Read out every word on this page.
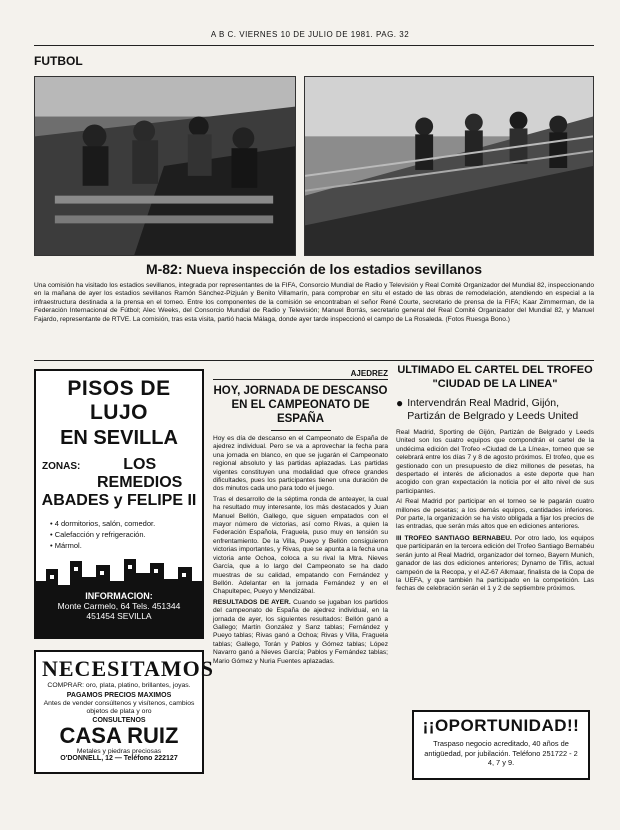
A B C. VIERNES 10 DE JULIO DE 1981. PAG. 32
FUTBOL
M-82: Nueva inspección de los estadios sevillanos
Una comisión ha visitado los estadios sevillanos, integrada por representantes de la FIFA, Consorcio Mundial de Radio y Televisión y Real Comité Organizador del Mundial 82, inspeccionando en la mañana de ayer los estadios sevillanos Ramón Sánchez-Pizjuán y Benito Villamarín, para comprobar en situ el estado de las obras de remodelación, atendiendo en especial a la infraestructura destinada a la prensa en el torneo. Entre los componentes de la comisión se encontraban el señor René Courte, secretario de prensa de la FIFA; Kaar Zimmerman, de la Federación Internacional de Fútbol; Alec Weeks, del Consorcio Mundial de Radio y Televisión; Manuel Borrás, secretario general del Real Comité Organizador del Mundial 82, y Manuel Fajardo, representante de RTVE. La comisión, tras esta visita, partió hacia Málaga, donde ayer tarde inspeccionó el campo de La Rosaleda. (Fotos Ruesga Bono.)
PISOS DE LUJO
EN SEVILLA
ZONAS:	LOS REMEDIOS
ABADES y FELIPE II
• 4 dormitorios, salón, comedor.
• Calefacción y refrigeración.
• Mármol.
INFORMACION:
Monte Carmelo, 64 Tels. 451344
451454 SEVILLA
NECESITAMOS
COMPRAR: oro, plata, platino, brillantes, joyas.
PAGAMOS PRECIOS MAXIMOS
Antes de vender consúltenos y visítenos, cambios objetos de plata y oro
CONSULTENOS
CASA RUIZ
Metales y piedras preciosas
O'DONNELL, 12 — Teléfono 222127
AJEDREZ
HOY, JORNADA DE DESCANSO EN EL CAMPEONATO DE ESPAÑA
Hoy es día de descanso en el Campeonato de España de ajedrez individual. Pero se va a aprovechar la fecha para una jornada en blanco, en que se jugarán el Campeonato regional absoluto y las partidas aplazadas. Las partidas vigentes constituyen una modalidad que ofrece grandes dificultades, pues los participantes tienen una duración de dos minutos cada uno para todo el juego.
Tras el desarrollo de la séptima ronda de anteayer, la cual ha resultado muy interesante, los más destacados y Juan Manuel Bellón, Gallego, que siguen empatados con el mayor número de victorias, así como Rivas, a quien la Federación Española, Fraguela, puso muy en tensión su enfrentamiento. De la Villa, Pueyo y Bellón consiguieron victorias importantes, y Rivas, que se apunta a la fecha una victoria ante Ochoa, coloca a su rival la Mtra. Nieves García, que a lo largo del Campeonato se ha dado muestras de su calidad, empatando con Fernández y Bellón. Adelantar en la jornada Fernández y en el Chapultepec, Pueyo y Mendizábal.
RESULTADOS DE AYER. Cuando se jugaban los partidos del campeonato de España de ajedrez individual, en la jornada de ayer, los siguientes resultados: Bellón ganó a Gallego; Martín González y Sanz tablas; Fernández y Pueyo tablas; Rivas ganó a Ochoa; Rivas y Villa, Fraguela tablas; Gallego, Torán y Pablos y Gómez tablas; López Navarro ganó a Nieves García; Pablos y Fernández tablas; Mario Gómez y Nuria Fuentes aplazadas.
ULTIMADO EL CARTEL DEL TROFEO
"CIUDAD DE LA LINEA"
● Intervendrán Real Madrid, Gijón, Partizán de Belgrado y Leeds United
Real Madrid, Sporting de Gijón, Partizán de Belgrado y Leeds United son los cuatro equipos que compondrán el cartel de la undécima edición del Trofeo «Ciudad de La Línea», torneo que se celebrará entre los días 7 y 8 de agosto próximos. El trofeo, que es gestionado con un presupuesto de diez millones de pesetas, ha despertado el interés de aficionados a este deporte que han acogido con gran expectación la noticia por el alto nivel de sus participantes.
Al Real Madrid por participar en el torneo se le pagarán cuatro millones de pesetas; a los demás equipos, cantidades inferiores. Por parte, la organización se ha visto obligada a fijar los precios de las entradas, que serán más altos que en ediciones anteriores.
III TROFEO SANTIAGO BERNABEU. Por otro lado, los equipos que participarán en la tercera edición del Trofeo Santiago Bernabéu serán junto al Real Madrid, organizador del torneo, Bayern Munich, ganador de las dos ediciones anteriores; Dynamo de Tiflis, actual campeón de la Recopa, y el AZ-67 Alkmaar, finalista de la Copa de la UEFA, y que también ha participado en la competición. Las fechas de celebración serán el 1 y 2 de septiembre próximos.
¡¡OPORTUNIDAD!!
Traspaso negocio acreditado, 40 años de antigüedad, por jubilación. Teléfono 251722 - 2 4, 7 y 9.
